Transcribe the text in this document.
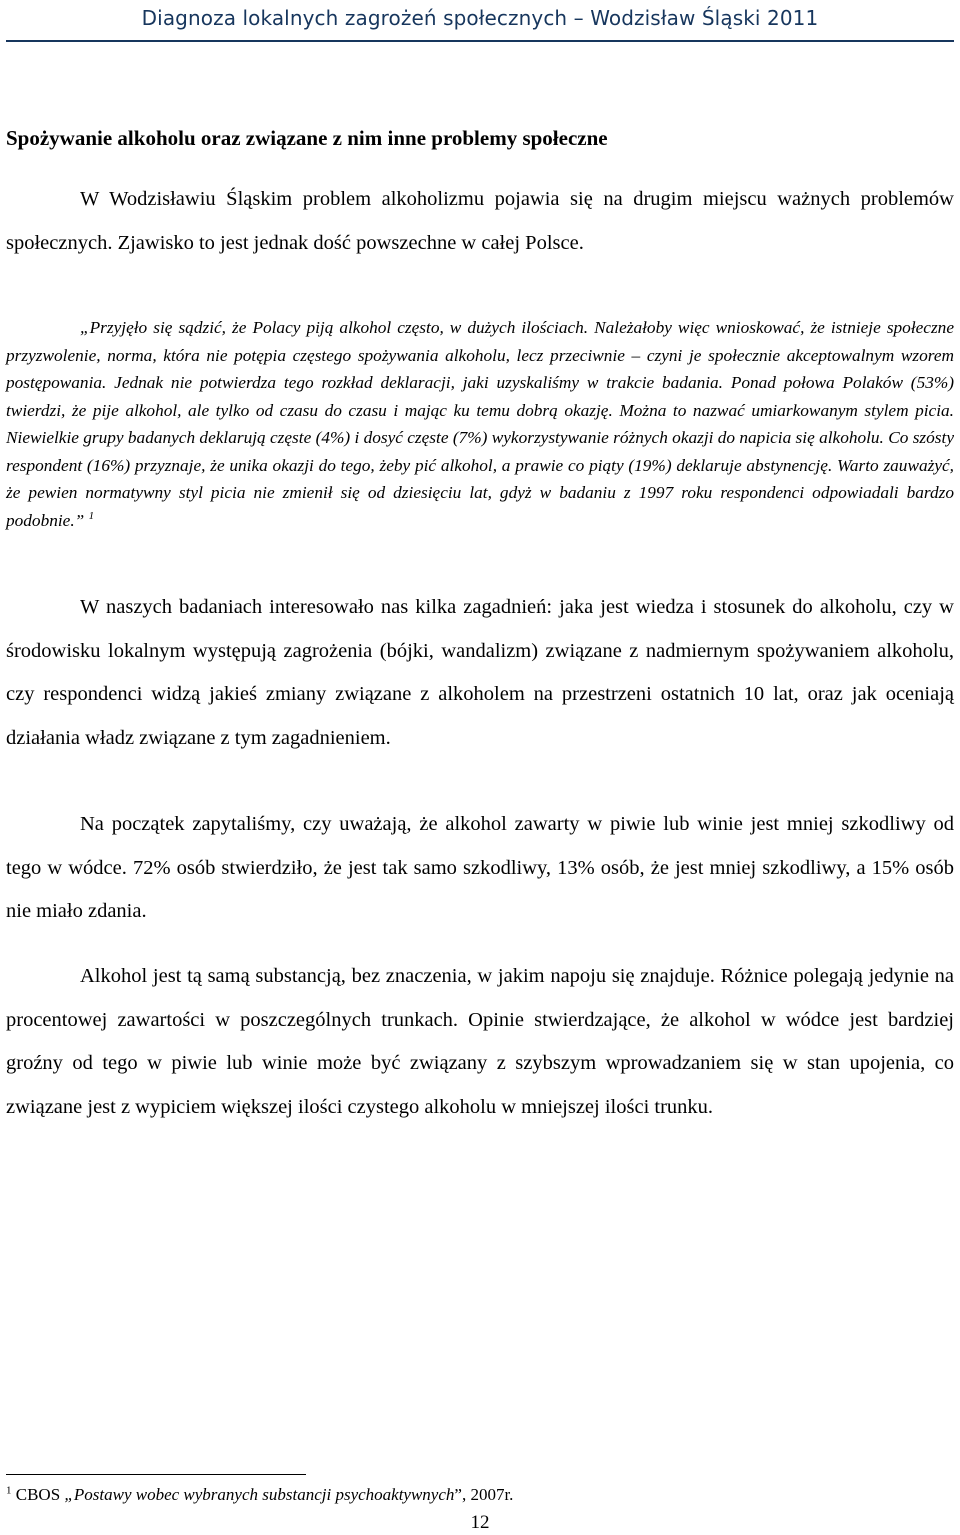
Diagnoza lokalnych zagrożeń społecznych – Wodzisław Śląski 2011
Spożywanie alkoholu oraz związane z nim inne problemy społeczne

W Wodzisławiu Śląskim problem alkoholizmu pojawia się na drugim miejscu ważnych problemów społecznych. Zjawisko to jest jednak dość powszechne w całej Polsce.

„Przyjęło się sądzić, że Polacy piją alkohol często, w dużych ilościach. Należałoby więc wnioskować, że istnieje społeczne przyzwolenie, norma, która nie potępia częstego spożywania alkoholu, lecz przeciwnie – czyni je społecznie akceptowalnym wzorem postępowania. Jednak nie potwierdza tego rozkład deklaracji, jaki uzyskaliśmy w trakcie badania. Ponad połowa Polaków (53%) twierdzi, że pije alkohol, ale tylko od czasu do czasu i mając ku temu dobrą okazję. Można to nazwać umiarkowanym stylem picia. Niewielkie grupy badanych deklarują częste (4%) i dosyć częste (7%) wykorzystywanie różnych okazji do napicia się alkoholu. Co szósty respondent (16%) przyznaje, że unika okazji do tego, żeby pić alkohol, a prawie co piąty (19%) deklaruje abstynencję. Warto zauważyć, że pewien normatywny styl picia nie zmienił się od dziesięciu lat, gdyż w badaniu z 1997 roku respondenci odpowiadali bardzo podobnie.” $^1$

W naszych badaniach interesowało nas kilka zagadnień: jaka jest wiedza i stosunek do alkoholu, czy w środowisku lokalnym występują zagrożenia (bójki, wandalizm) związane z nadmiernym spożywaniem alkoholu, czy respondenci widzą jakieś zmiany związane z alkoholem na przestrzeni ostatnich 10 lat, oraz jak oceniają działania władz związane z tym zagadnieniem.

Na początek zapytaliśmy, czy uważają, że alkohol zawarty w piwie lub winie jest mniej szkodliwy od tego w wódce. 72% osób stwierdziło, że jest tak samo szkodliwy, 13% osób, że jest mniej szkodliwy, a 15% osób nie miało zdania.

Alkohol jest tą samą substancją, bez znaczenia, w jakim napoju się znajduje. Różnice polegają jedynie na procentowej zawartości w poszczególnych trunkach. Opinie stwierdzające, że alkohol w wódce jest bardziej groźny od tego w piwie lub winie może być związany z szybszym wprowadzaniem się w stan upojenia, co związane jest z wypiciem większej ilości czystego alkoholu w mniejszej ilości trunku.

$^1$ CBOS „Postawy wobec wybranych substancji psychoaktywnych”, 2007r.
12
